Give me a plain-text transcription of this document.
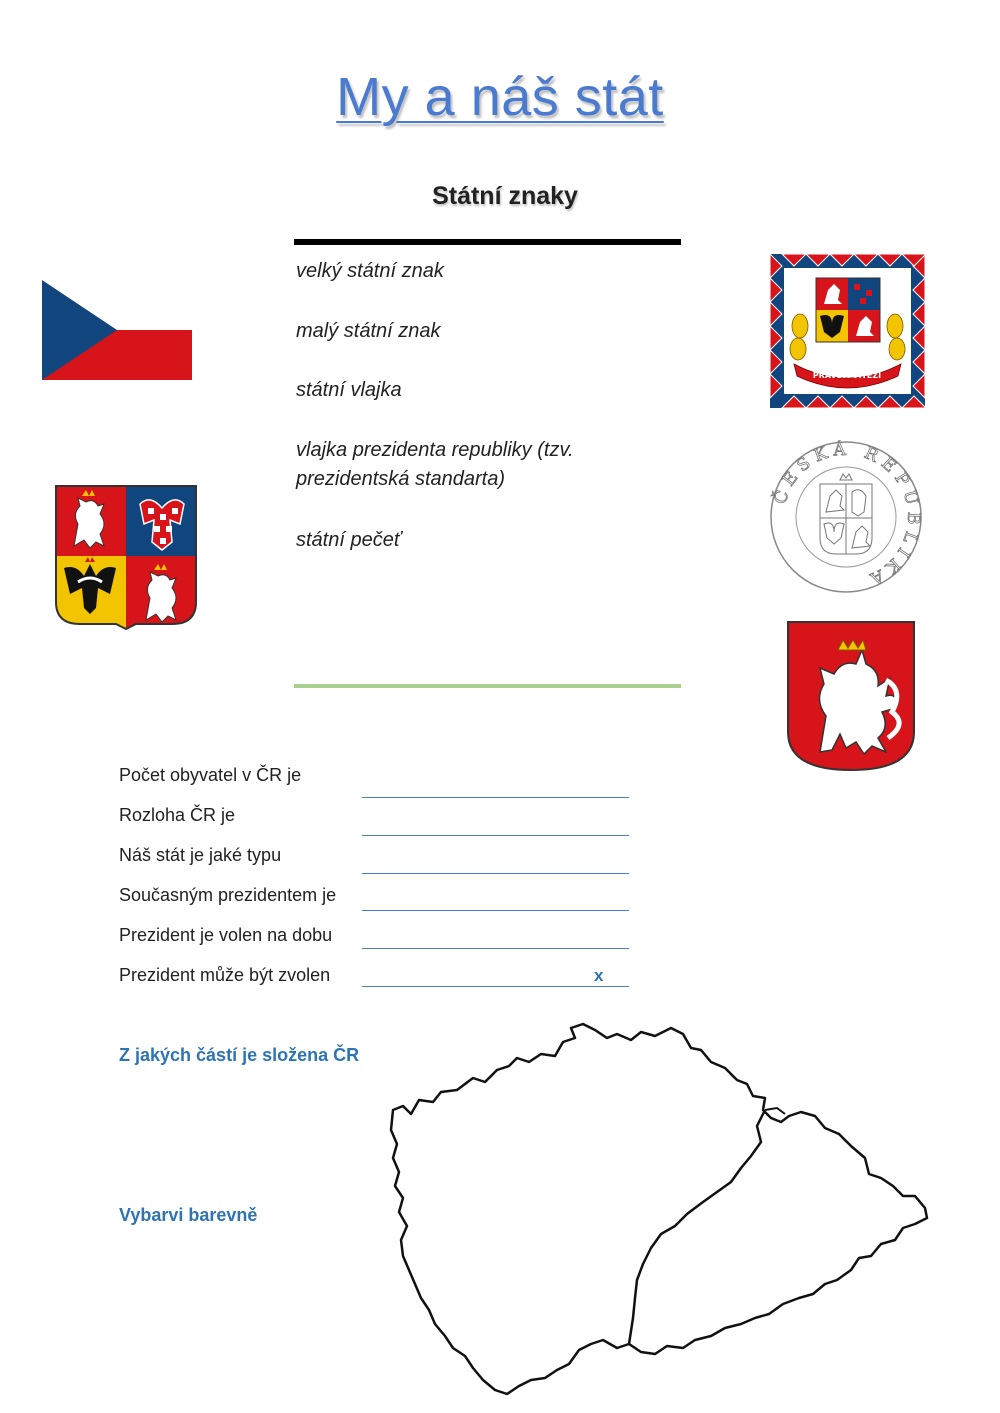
My a náš stát
Státní znaky
velký státní znak
malý státní znak
státní vlajka
vlajka prezidenta republiky (tzv. prezidentská standarta)
státní pečeť
PRAVDA VÍTĚZÍ
ČESKÁ REPUBLIKA
Počet obyvatel v ČR je
Rozloha ČR je
Náš stát je jaké typu
Současným prezidentem je
Prezident je volen na dobu
Prezident může být zvolen	x
Z jakých částí je složena ČR
Vybarvi barevně
